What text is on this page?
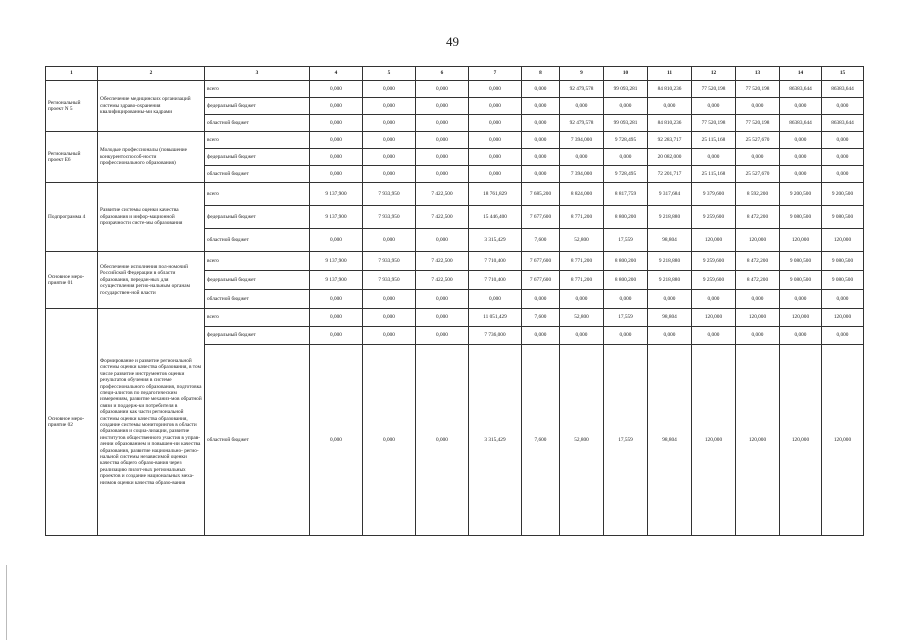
49
1	2	3	4	5	6	7	8	9	10	11	12	13	14	15
Региональный проект N 5	Обеспечение медицинских организаций системы здраво-охранения квалифицированны-ми кадрами	всего	0,000	0,000	0,000	0,000	0,000	92 479,578	99 093,281	84 810,236	77 520,198	77 520,198	86383,644	86383,644
		федеральный бюджет	0,000	0,000	0,000	0,000	0,000	0,000	0,000	0,000	0,000	0,000	0,000	0,000
		областной бюджет	0,000	0,000	0,000	0,000	0,000	92 479,578	99 093,281	84 810,236	77 520,198	77 520,198	86383,644	86383,644
Региональный проект Е6	Молодые профессионалы (повышение конкурентоспособ-ности профессионального образования)	всего	0,000	0,000	0,000	0,000	0,000	7 394,000	9 728,495	92 283,717	25 115,168	25 527,670	0,000	0,000
		федеральный бюджет	0,000	0,000	0,000	0,000	0,000	0,000	0,000	20 082,000	0,000	0,000	0,000	0,000
		областной бюджет	0,000	0,000	0,000	0,000	0,000	7 394,000	9 728,495	72 201,717	25 115,168	25 527,670	0,000	0,000
Подпрограмма 4	Развитие системы оценки качества образования и инфор-мационной прозрачности систе-мы образования	всего	9 137,900	7 933,950	7 422,500	18 761,829	7 685,200	8 824,000	8 817,759	9 317,684	9 379,600	8 592,200	9 200,500	9 200,500
		федеральный бюджет	9 137,900	7 933,950	7 422,500	15 446,400	7 677,600	8 771,200	8 800,200	9 218,880	9 259,600	8 472,200	9 080,500	9 080,500
		областной бюджет	0,000	0,000	0,000	3 315,429	7,600	52,800	17,559	98,804	120,000	120,000	120,000	120,000
Основное меро-приятие 01	Обеспечение исполнения пол-номочий Российской Федерации в области образования, передан-ных для осуществления регио-нальным органам государствен-ной власти	всего	9 137,900	7 933,950	7 422,500	7 710,400	7 677,600	8 771,200	8 800,200	9 218,880	9 259,600	8 472,200	9 080,500	9 080,500
		федеральный бюджет	9 137,900	7 933,950	7 422,500	7 710,400	7 677,600	8 771,200	8 800,200	9 218,880	9 259,600	8 472,200	9 080,500	9 080,500
		областной бюджет	0,000	0,000	0,000	0,000	0,000	0,000	0,000	0,000	0,000	0,000	0,000	0,000
Основное меро-приятие 02	Формирование и развитие региональной системы оценки качества образования, в том числе развитие инструментов оценки результатов обучения в системе профессионального образования, подготовка специ-алистов по педагогическим измерениям, развитие механиз-мов обратной связи и поддерж-ки потребителя в образовании как части региональной системы оценки качества образования, создание системы мониторингов в области образования и социа-лизации, развитие институтов общественного участия в управ-лении образованием и повышен-ии качества образования, развитие национально- регио-нальной системы независимой оценки качества общего образо-вания через реализацию пилот-ных региональных проектов и создание национальных меха-низмов оценки качества образо-вания	всего	0,000	0,000	0,000	11 051,429	7,600	52,800	17,559	98,804	120,000	120,000	120,000	120,000
		федеральный бюджет	0,000	0,000	0,000	7 736,000	0,000	0,000	0,000	0,000	0,000	0,000	0,000	0,000
		областной бюджет	0,000	0,000	0,000	3 315,429	7,600	52,800	17,559	98,804	120,000	120,000	120,000	120,000
